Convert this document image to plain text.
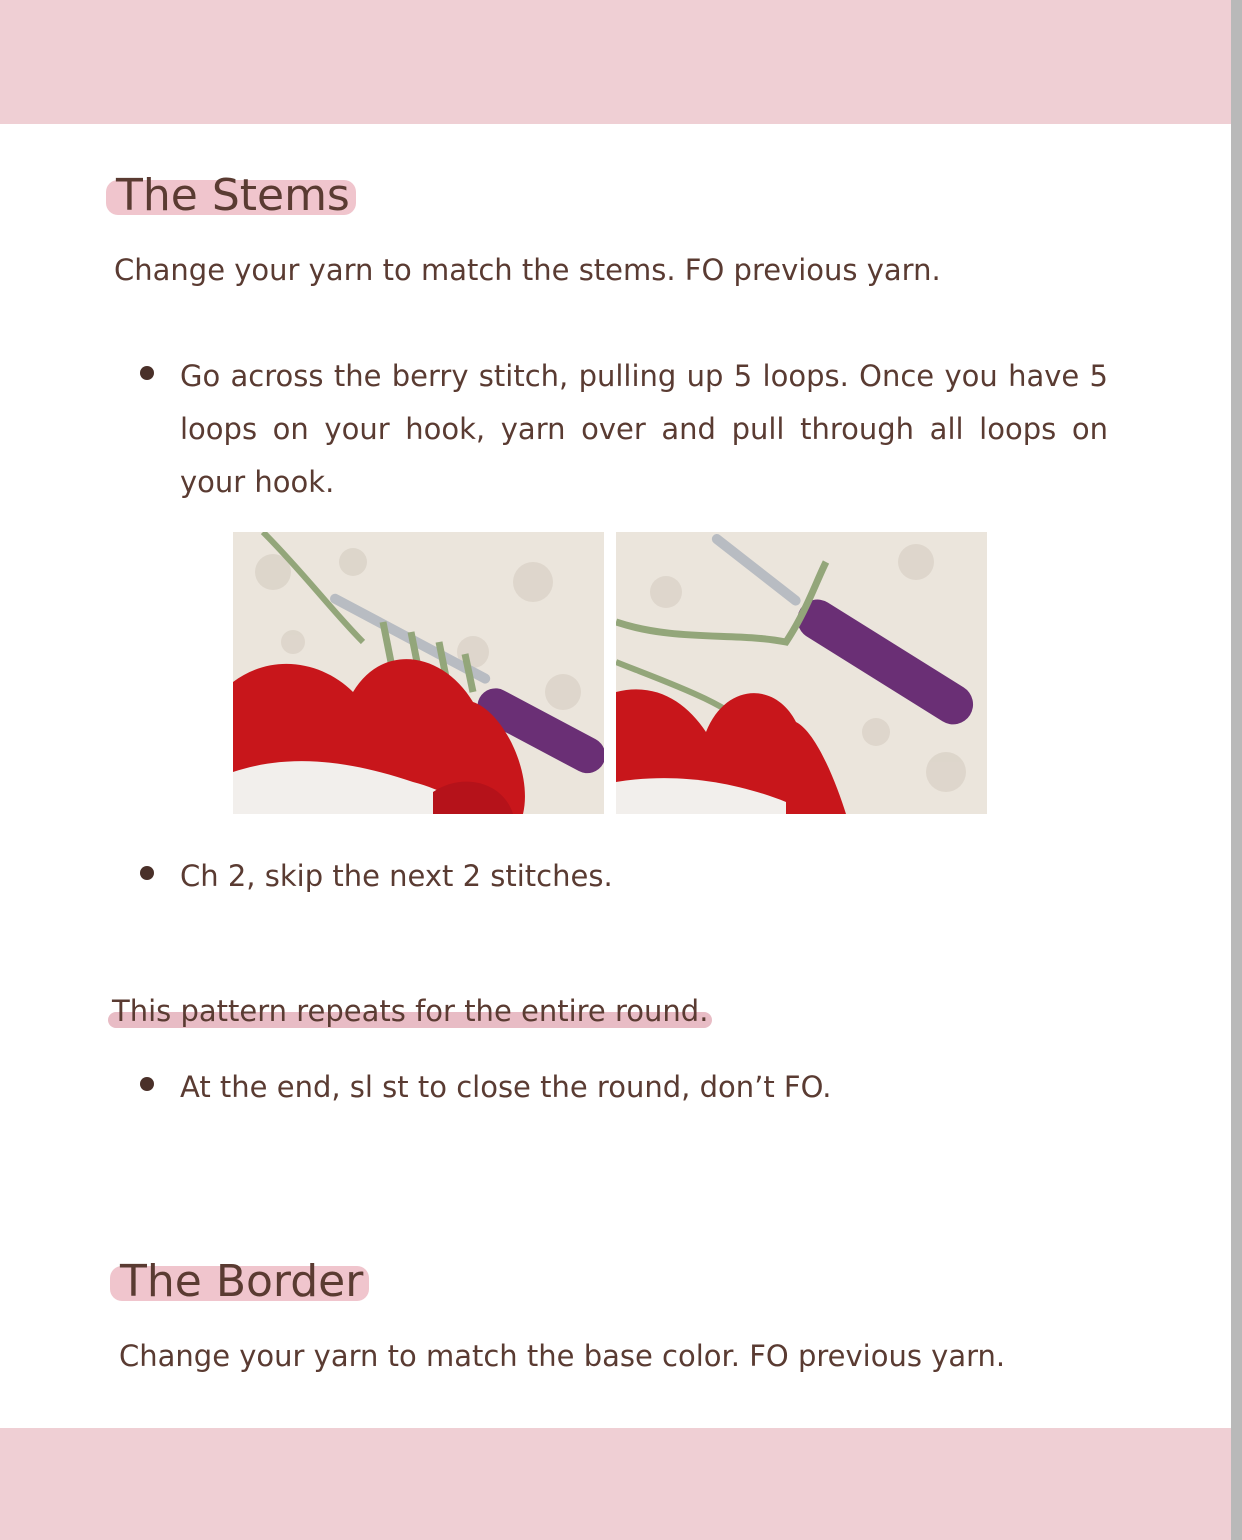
The Stems

Change your yarn to match the stems. FO previous yarn.

Go across the berry stitch, pulling up 5 loops. Once you have 5 loops on your hook, yarn over and pull through all loops on your hook.

Ch 2, skip the next 2 stitches.

This pattern repeats for the entire round.

At the end, sl st to close the round, don’t FO.

The Border

Change your yarn to match the base color. FO previous yarn.
